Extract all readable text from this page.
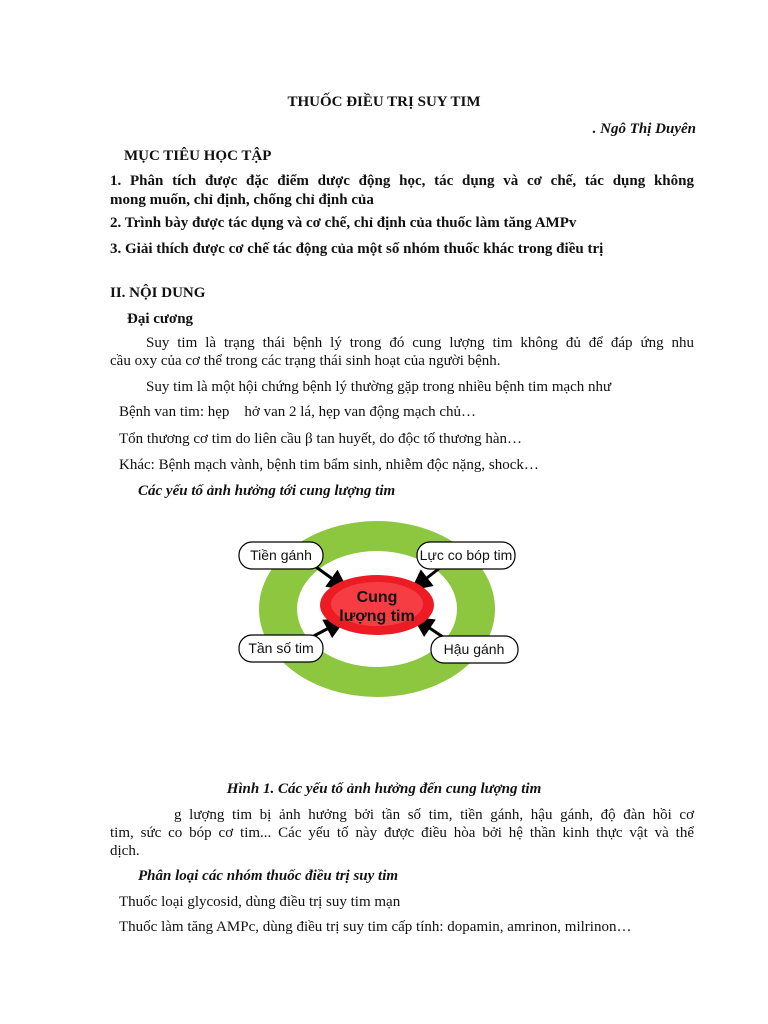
THUỐC ĐIỀU TRỊ SUY TIM
. Ngô Thị Duyên
MỤC TIÊU HỌC TẬP
1. Phân tích được đặc điểm dược động học, tác dụng và cơ chế, tác dụng không
mong muốn, chỉ định, chống chỉ định của
2. Trình bày được tác dụng và cơ chế, chỉ định của thuốc làm tăng AMPv
3. Giải thích được cơ chế tác động của một số nhóm thuốc khác trong điều trị
II. NỘI DUNG
Đại cương
Suy tim là trạng thái bệnh lý trong đó cung lượng tim không đủ để đáp ứng nhu
cầu oxy của cơ thể trong các trạng thái sinh hoạt của người bệnh.
Suy tim là một hội chứng bệnh lý thường gặp trong nhiều bệnh tim mạch như
Bệnh van tim: hẹp    hở van 2 lá, hẹp van động mạch chủ…
Tổn thương cơ tim do liên cầu β tan huyết, do độc tố thương hàn…
Khác: Bệnh mạch vành, bệnh tim bẩm sinh, nhiễm độc nặng, shock…
Các yếu tố ảnh hưởng tới cung lượng tim
Cung
lượng tim
Tiền gánh	Lực co bóp tim
Tần số tim	Hậu gánh
Hình 1. Các yếu tố ảnh hưởng đến cung lượng tim
g lượng tim bị ảnh hưởng bởi tần số tim, tiền gánh, hậu gánh, độ đàn hồi cơ
tim, sức co bóp cơ tim... Các yếu tố này được điều hòa bởi hệ thần kinh thực vật và thể
dịch.
Phân loại các nhóm thuốc điều trị suy tim
Thuốc loại glycosid, dùng điều trị suy tim mạn
Thuốc làm tăng AMPc, dùng điều trị suy tim cấp tính: dopamin, amrinon, milrinon…
